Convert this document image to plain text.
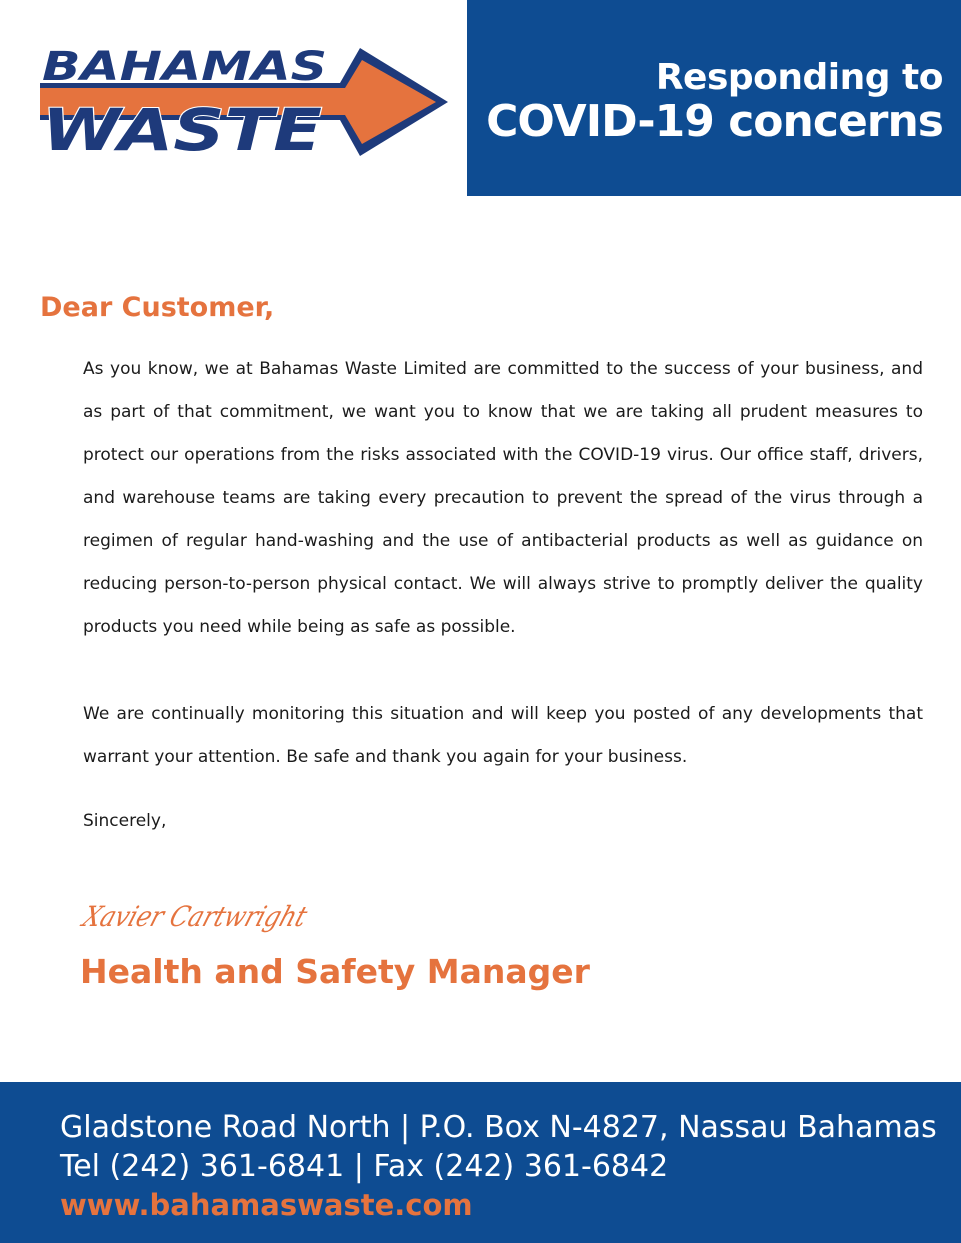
BAHAMAS
WASTE
Responding to
COVID-19 concerns
Dear Customer,

As you know, we at Bahamas Waste Limited are committed to the success of your business, and as part of that commitment, we want you to know that we are taking all prudent measures to protect our operations from the risks associated with the COVID-19 virus. Our office staff, drivers, and warehouse teams are taking every precaution to prevent the spread of the virus through a regimen of regular hand-washing and the use of antibacterial products as well as guidance on reducing person-to-person physical contact. We will always strive to promptly deliver the quality products you need while being as safe as possible.

We are continually monitoring this situation and will keep you posted of any developments that warrant your attention. Be safe and thank you again for your business.

Sincerely,
Xavier Cartwright
Health and Safety Manager
Gladstone Road North | P.O. Box N-4827, Nassau Bahamas
Tel (242) 361-6841 | Fax (242) 361-6842
www.bahamaswaste.com
